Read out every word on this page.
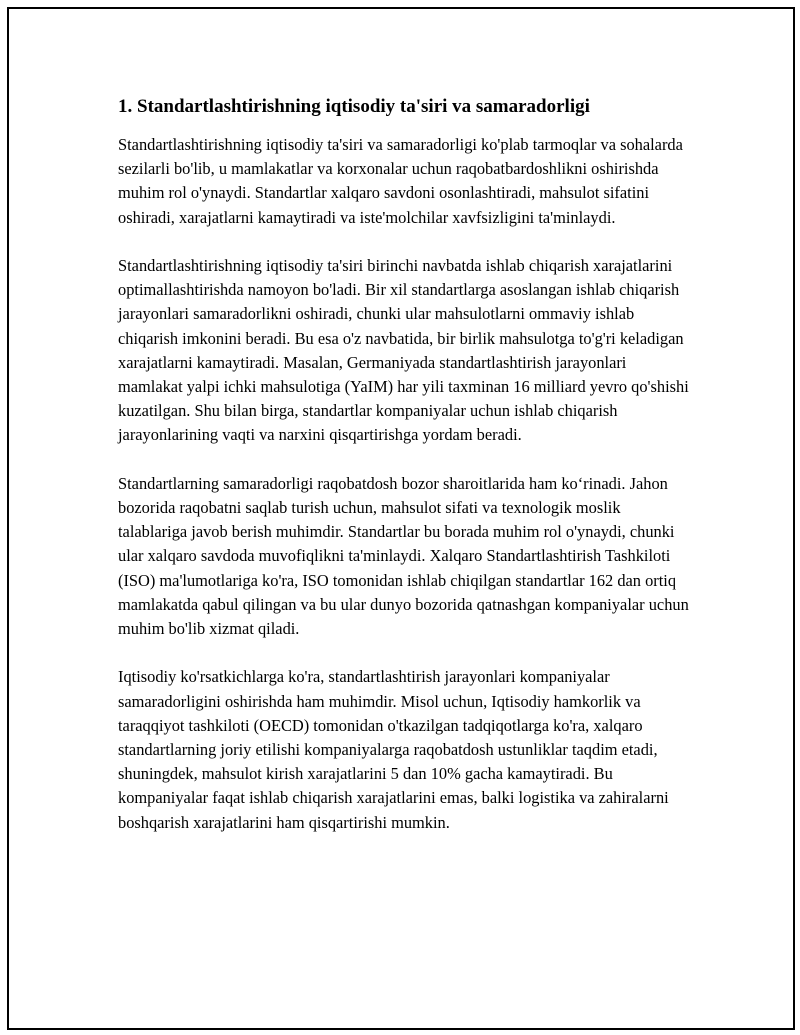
1. Standartlashtirishning iqtisodiy ta'siri va samaradorligi

Standartlashtirishning iqtisodiy ta'siri va samaradorligi ko'plab tarmoqlar va sohalarda sezilarli bo'lib, u mamlakatlar va korxonalar uchun raqobatbardoshlikni oshirishda muhim rol o'ynaydi. Standartlar xalqaro savdoni osonlashtiradi, mahsulot sifatini oshiradi, xarajatlarni kamaytiradi va iste'molchilar xavfsizligini ta'minlaydi.

Standartlashtirishning iqtisodiy ta'siri birinchi navbatda ishlab chiqarish xarajatlarini optimallashtirishda namoyon bo'ladi. Bir xil standartlarga asoslangan ishlab chiqarish jarayonlari samaradorlikni oshiradi, chunki ular mahsulotlarni ommaviy ishlab chiqarish imkonini beradi. Bu esa o'z navbatida, bir birlik mahsulotga to'g'ri keladigan xarajatlarni kamaytiradi. Masalan, Germaniyada standartlashtirish jarayonlari mamlakat yalpi ichki mahsulotiga (YaIM) har yili taxminan 16 milliard yevro qo'shishi kuzatilgan. Shu bilan birga, standartlar kompaniyalar uchun ishlab chiqarish jarayonlarining vaqti va narxini qisqartirishga yordam beradi.

Standartlarning samaradorligi raqobatdosh bozor sharoitlarida ham ko‘rinadi. Jahon bozorida raqobatni saqlab turish uchun, mahsulot sifati va texnologik moslik talablariga javob berish muhimdir. Standartlar bu borada muhim rol o'ynaydi, chunki ular xalqaro savdoda muvofiqlikni ta'minlaydi. Xalqaro Standartlashtirish Tashkiloti (ISO) ma'lumotlariga ko'ra, ISO tomonidan ishlab chiqilgan standartlar 162 dan ortiq mamlakatda qabul qilingan va bu ular dunyo bozorida qatnashgan kompaniyalar uchun muhim bo'lib xizmat qiladi.

Iqtisodiy ko'rsatkichlarga ko'ra, standartlashtirish jarayonlari kompaniyalar samaradorligini oshirishda ham muhimdir. Misol uchun, Iqtisodiy hamkorlik va taraqqiyot tashkiloti (OECD) tomonidan o'tkazilgan tadqiqotlarga ko'ra, xalqaro standartlarning joriy etilishi kompaniyalarga raqobatdosh ustunliklar taqdim etadi, shuningdek, mahsulot kirish xarajatlarini 5 dan 10% gacha kamaytiradi. Bu kompaniyalar faqat ishlab chiqarish xarajatlarini emas, balki logistika va zahiralarni boshqarish xarajatlarini ham qisqartirishi mumkin.
